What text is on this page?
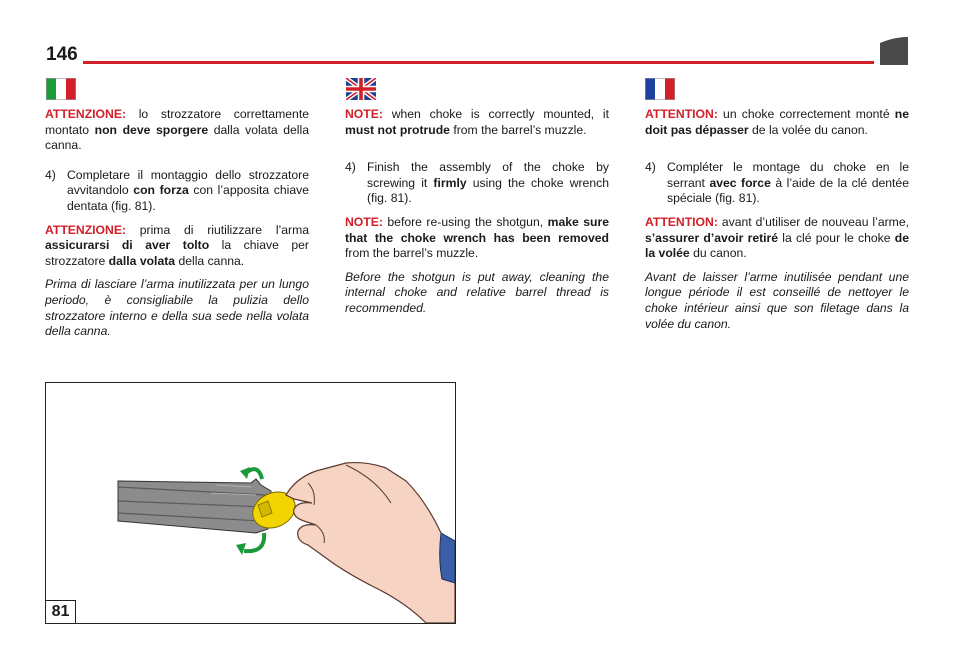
146

ATTENZIONE: lo strozzatore correttamente montato non deve sporgere dalla volata della canna.

4) Completare il montaggio dello strozzatore avvitandolo con forza con l’apposita chiave dentata (fig. 81).

ATTENZIONE: prima di riutilizzare l’arma assicurarsi di aver tolto la chiave per strozzatore dalla volata della canna.

Prima di lasciare l’arma inutilizzata per un lungo periodo, è consigliabile la pulizia dello strozzatore interno e della sua sede nella volata della canna.

NOTE: when choke is correctly mounted, it must not protrude from the barrel’s muzzle.

4) Finish the assembly of the choke by screwing it firmly using the choke wrench (fig. 81).

NOTE: before re-using the shotgun, make sure that the choke wrench has been removed from the barrel’s muzzle.

Before the shotgun is put away, cleaning the internal choke and relative barrel thread is recommended.

ATTENTION: un choke correctement monté ne doit pas dépasser de la volée du canon.

4) Compléter le montage du choke en le serrant avec force à l’aide de la clé dentée spéciale (fig. 81).

ATTENTION: avant d’utiliser de nouveau l’arme, s’assurer d’avoir retiré la clé pour le choke de la volée du canon.

Avant de laisser l’arme inutilisée pendant une longue période il est conseillé de nettoyer le choke intérieur ainsi que son filetage dans la volée du canon.

81
